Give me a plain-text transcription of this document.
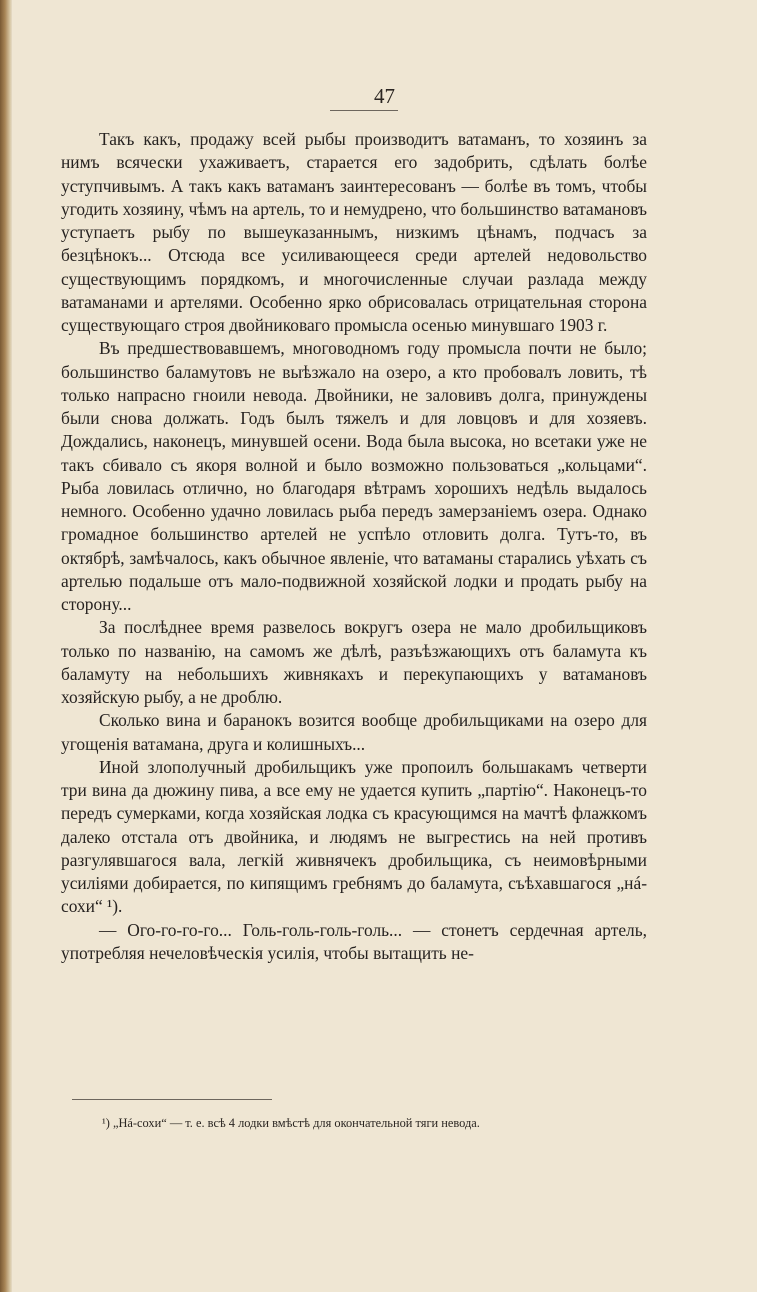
47

Такъ какъ, продажу всей рыбы производитъ ватаманъ, то хозяинъ за нимъ всячески ухаживаетъ, старается его задобрить, сдѣлать болѣе уступчивымъ. А такъ какъ ватаманъ заинтересованъ — болѣе въ томъ, чтобы угодить хозяину, чѣмъ на артель, то и немудрено, что большинство ватамановъ уступаетъ рыбу по вышеуказаннымъ, низкимъ цѣнамъ, подчасъ за безцѣнокъ... Отсюда все усиливающееся среди артелей недовольство существующимъ порядкомъ, и многочисленные случаи разлада между ватаманами и артелями. Особенно ярко обрисовалась отрицательная сторона существующаго строя двойниковаго промысла осенью минувшаго 1903 г.

Въ предшествовавшемъ, многоводномъ году промысла почти не было; большинство баламутовъ не выѣзжало на озеро, а кто пробовалъ ловить, тѣ только напрасно гноили невода. Двойники, не заловивъ долга, принуждены были снова должать. Годъ былъ тяжелъ и для ловцовъ и для хозяевъ. Дождались, наконецъ, минувшей осени. Вода была высока, но всетаки уже не такъ сбивало съ якоря волной и было возможно пользоваться „кольцами“. Рыба ловилась отлично, но благодаря вѣтрамъ хорошихъ недѣль выдалось немного. Особенно удачно ловилась рыба передъ замерзанiемъ озера. Однако громадное большинство артелей не успѣло отловить долга. Тутъ-то, въ октябрѣ, замѣчалось, какъ обычное явленiе, что ватаманы старались уѣхать съ артелью подальше отъ мало-подвижной хозяйской лодки и продать рыбу на сторону...

За послѣднее время развелось вокругъ озера не мало дробильщиковъ только по названiю, на самомъ же дѣлѣ, разъѣзжающихъ отъ баламута къ баламуту на небольшихъ живнякахъ и перекупающихъ у ватамановъ хозяйскую рыбу, а не дроблю.

Сколько вина и баранокъ возится вообще дробильщиками на озеро для угощенiя ватамана, друга и колишныхъ...

Иной злополучный дробильщикъ уже пропоилъ большакамъ четверти три вина да дюжину пива, а все ему не удается купить „партiю“. Наконецъ-то передъ сумерками, когда хозяйская лодка съ красующимся на мачтѣ флажкомъ далеко отстала отъ двойника, и людямъ не выгрестись на ней противъ разгулявшагося вала, легкiй живнячекъ дробильщика, съ неимовѣрными усилiями добирается, по кипящимъ гребнямъ до баламута, съѣхавшагося „нá-сохи“ ¹).

— Ого-го-го-го... Голь-голь-голь-голь... — стонетъ сердечная артель, употребляя нечеловѣческiя усилiя, чтобы вытащить не-

¹) „Нá-сохи“ — т. е. всѣ 4 лодки вмѣстѣ для окончательной тяги невода.
